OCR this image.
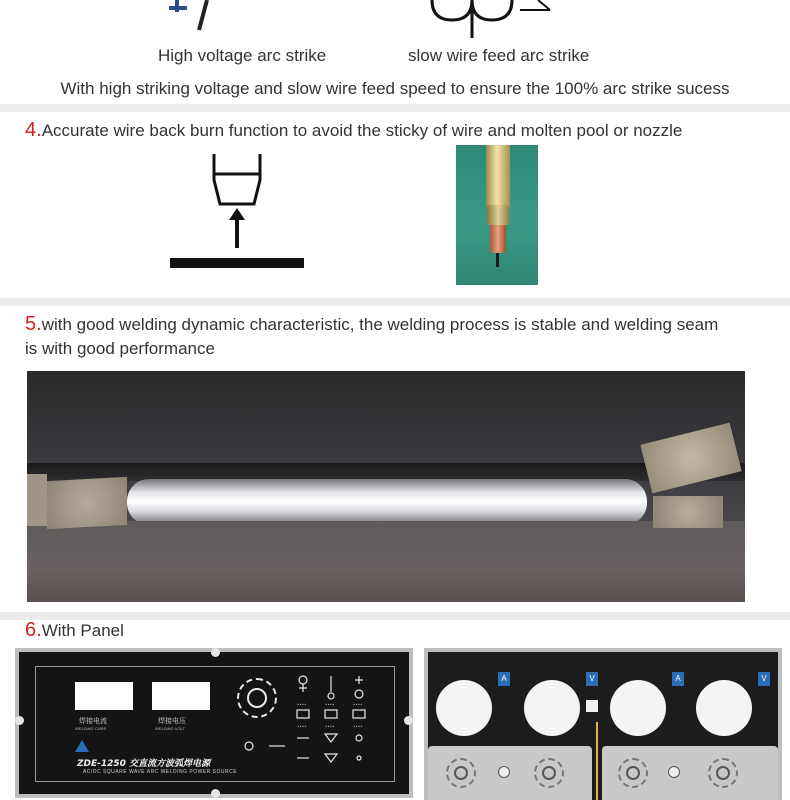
High voltage arc strike	slow wire feed arc strike
With high striking voltage and slow wire feed speed to ensure the 100% arc strike sucess
4.Accurate wire back burn function to avoid the sticky of wire and molten pool or nozzle
5.with good welding dynamic characteristic, the welding process is stable and welding seam
is with good performance
6.With Panel
焊接电流
WELDING CURR
焊接电压
WELDING VOLT
ZDE-1250 交直流方波弧焊电源
AC/DC SQUARE WAVE ARC WELDING POWER SOURCE
••••	••••	••••
••••	••••	••••
A	V	A	V
